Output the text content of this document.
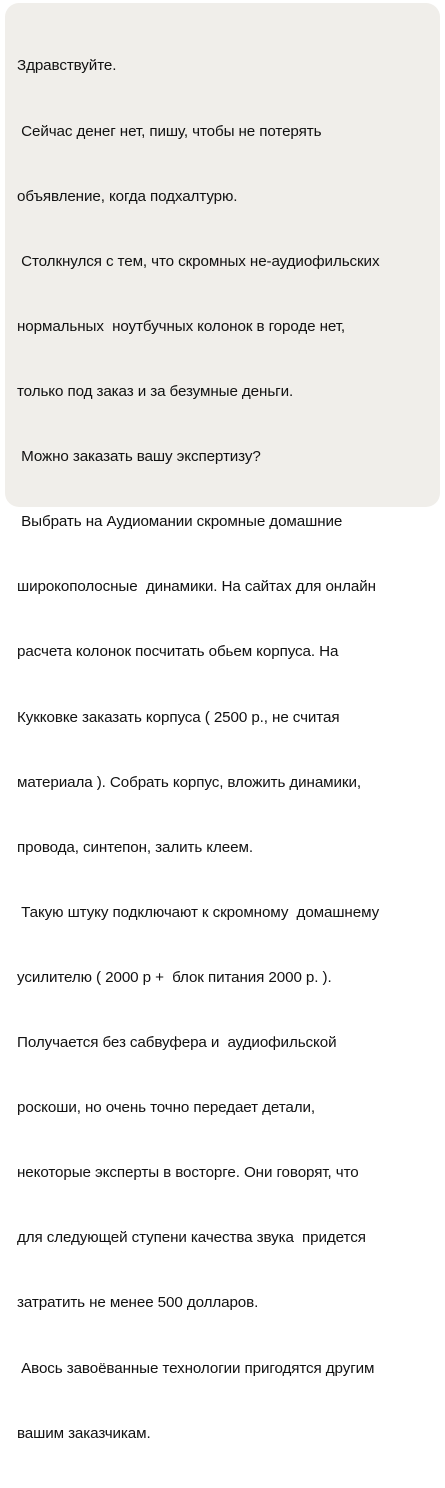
Здравствуйте.

Сейчас денег нет, пишу, чтобы не потерять

объявление, когда подхалтурю.

Столкнулся с тем, что скромных не-аудиофильских

нормальных  ноутбучных колонок в городе нет,

только под заказ и за безумные деньги.

Можно заказать вашу экспертизу?

Выбрать на Аудиомании скромные домашние

широкополосные  динамики. На сайтах для онлайн

расчета колонок посчитать обьем корпуса. На

Кукковке заказать корпуса ( 2500 р., не считая

материала ). Собрать корпус, вложить динамики,

провода, синтепон, залить клеем.

Такую штуку подключают к скромному  домашнему

усилителю ( 2000 р +  блок питания 2000 р. ).

Получается без сабвуфера и  аудиофильской

роскоши, но очень точно передает детали,

некоторые эксперты в восторге. Они говорят, что

для следующей ступени качества звука  придется

затратить не менее 500 долларов.

Авось завоёванные технологии пригодятся другим

вашим заказчикам.
